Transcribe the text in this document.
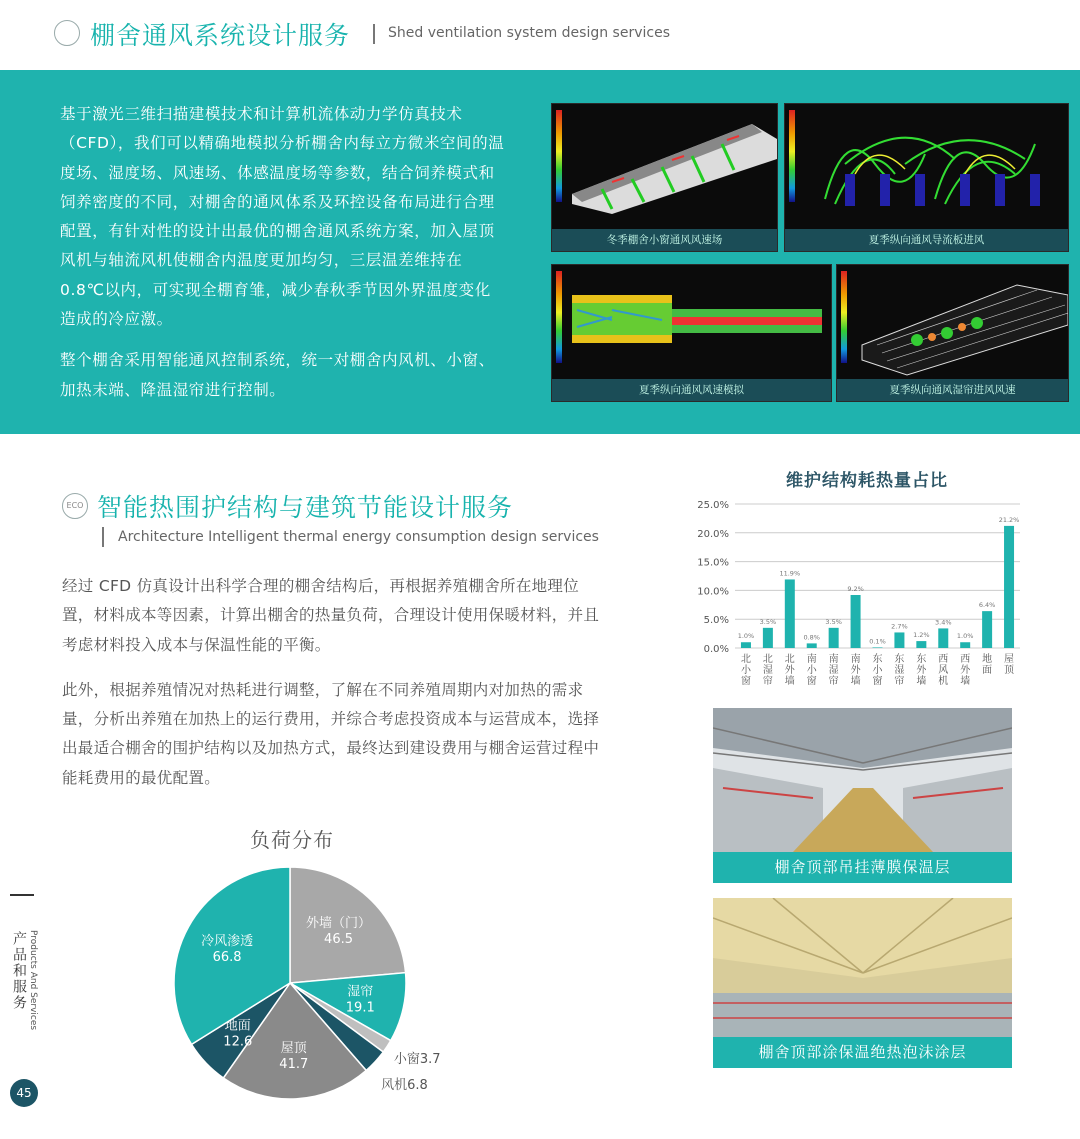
棚舍通风系统设计服务	Shed ventilation system design services

基于激光三维扫描建模技术和计算机流体动力学仿真技术（CFD），我们可以精确地模拟分析棚舍内每立方微米空间的温度场、湿度场、风速场、体感温度场等参数，结合饲养模式和饲养密度的不同，对棚舍的通风体系及环控设备布局进行合理配置，有针对性的设计出最优的棚舍通风系统方案，加入屋顶风机与轴流风机使棚舍内温度更加均匀，三层温差维持在 0.8℃以内，可实现全棚育雏，减少春秋季节因外界温度变化造成的冷应激。

整个棚舍采用智能通风控制系统，统一对棚舍内风机、小窗、加热末端、降温湿帘进行控制。

冬季棚舍小窗通风风速场	夏季纵向通风导流板进风
夏季纵向通风风速模拟	夏季纵向通风湿帘进风风速
ECO 智能热围护结构与建筑节能设计服务
Architecture Intelligent thermal energy consumption design services

经过 CFD 仿真设计出科学合理的棚舍结构后，再根据养殖棚舍所在地理位置，材料成本等因素，计算出棚舍的热量负荷，合理设计使用保暖材料，并且考虑材料投入成本与保温性能的平衡。

此外，根据养殖情况对热耗进行调整，了解在不同养殖周期内对加热的需求量，分析出养殖在加热上的运行费用，并综合考虑投资成本与运营成本，选择出最适合棚舍的围护结构以及加热方式，最终达到建设费用与棚舍运营过程中能耗费用的最优配置。

负荷分布
外墙（门）
46.5
湿帘
19.1
小窗3.7
风机6.8
屋顶
41.7
地面
12.6
冷风渗透
66.8
维护结构耗热量占比
0.0%
5.0%
10.0%
15.0%
20.0%
25.0%
1.0%
北小窗
3.5%
北湿帘
11.9%
北外墙
0.8%
南小窗
3.5%
南湿帘
9.2%
南外墙
0.1%
东小窗
2.7%
东湿帘
1.2%
东外墙
3.4%
西风机
1.0%
西外墙
6.4%
地面
21.2%
屋顶
棚舍顶部吊挂薄膜保温层
棚舍顶部涂保温绝热泡沫涂层
产品和服务 Products And Services
45
